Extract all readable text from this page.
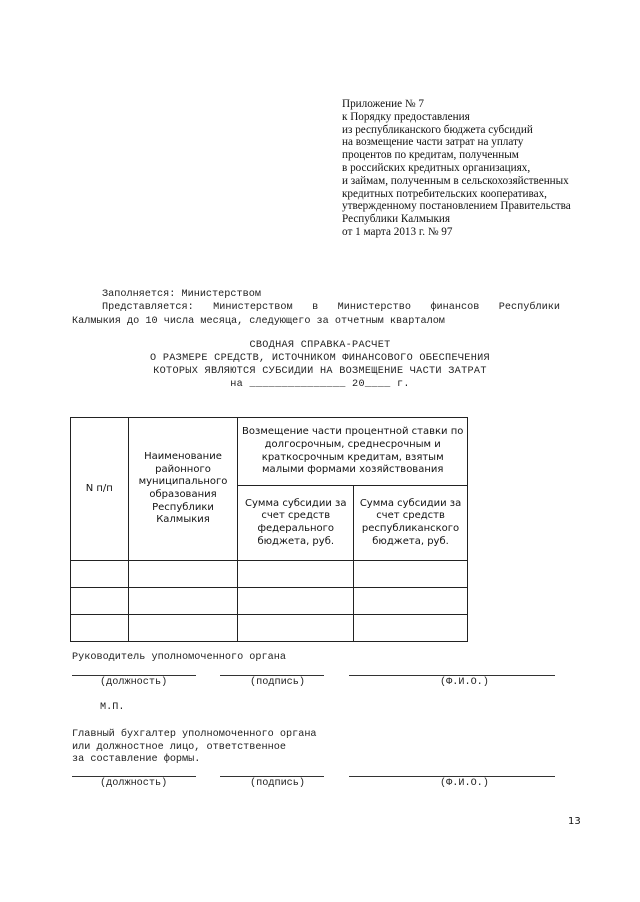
Приложение № 7
к Порядку предоставления
из республиканского бюджета субсидий
на возмещение части затрат на уплату
процентов по кредитам, полученным
в российских кредитных организациях,
и займам, полученным в сельскохозяйственных
кредитных потребительских кооперативах,
утвержденному постановлением Правительства
Республики Калмыкия
от 1 марта 2013 г. № 97
Заполняется: Министерством
Представляется: Министерством в Министерство финансов Республики
Калмыкия до 10 числа месяца, следующего за отчетным кварталом
СВОДНАЯ СПРАВКА-РАСЧЕТ
О РАЗМЕРЕ СРЕДСТВ, ИСТОЧНИКОМ ФИНАНСОВОГО ОБЕСПЕЧЕНИЯ
КОТОРЫХ ЯВЛЯЮТСЯ СУБСИДИИ НА ВОЗМЕЩЕНИЕ ЧАСТИ ЗАТРАТ
на _______________ 20____ г.
N п/п	Наименование районного муниципального образования Республики Калмыкия	Возмещение части процентной ставки по долгосрочным, среднесрочным и краткосрочным кредитам, взятым малыми формами хозяйствования	
		Сумма субсидии за счет средств федерального бюджета, руб.	Сумма субсидии за счет средств республиканского бюджета, руб.

Руководитель уполномоченного органа
(должность)	(подпись)	(Ф.И.О.)
М.П.
Главный бухгалтер уполномоченного органа
или должностное лицо, ответственное
за составление формы.
(должность)	(подпись)	(Ф.И.О.)
13
